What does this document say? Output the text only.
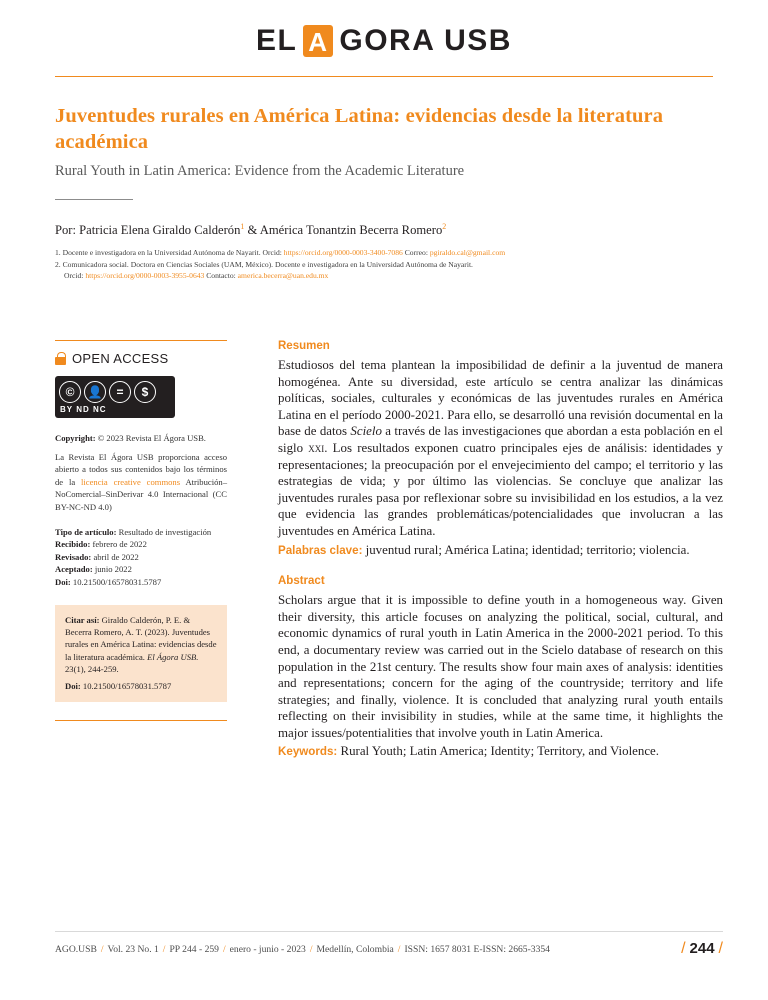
EL A GORA USB
Juventudes rurales en América Latina: evidencias desde la literatura académica
Rural Youth in Latin America: Evidence from the Academic Literature
Por: Patricia Elena Giraldo Calderón$^1$ & América Tonantzin Becerra Romero$^2$
1. Docente e investigadora en la Universidad Autónoma de Nayarit. Orcid: https://orcid.org/0000-0003-3400-7086 Correo: pgiraldo.cal@gmail.com
2. Comunicadora social. Doctora en Ciencias Sociales (UAM, México). Docente e investigadora en la Universidad Autónoma de Nayarit.
Orcid: https://orcid.org/0000-0003-3955-0643 Contacto: america.becerra@uan.edu.mx
OPEN ACCESS
©	👤	=	$
BY ND NC
Copyright: © 2023 Revista El Ágora USB.
La Revista El Ágora USB proporciona acceso abierto a todos sus contenidos bajo los términos de la licencia creative commons Atribución–NoComercial–SinDerivar 4.0 Internacional (CC BY-NC-ND 4.0)
Tipo de artículo: Resultado de investigación
Recibido: febrero de 2022
Revisado: abril de 2022
Aceptado: junio 2022
Doi: 10.21500/16578031.5787
Citar así: Giraldo Calderón, P. E. & Becerra Romero, A. T. (2023). Juventudes rurales en América Latina: evidencias desde la literatura académica. El Ágora USB. 23(1), 244-259.
Doi: 10.21500/16578031.5787
Resumen
Estudiosos del tema plantean la imposibilidad de definir a la juventud de manera homogénea. Ante su diversidad, este artículo se centra analizar las dinámicas políticas, sociales, culturales y económicas de las juventudes rurales en América Latina en el período 2000-2021. Para ello, se desarrolló una revisión documental en la base de datos Scielo a través de las investigaciones que abordan a esta población en el siglo xxi. Los resultados exponen cuatro principales ejes de análisis: identidades y representaciones; la preocupación por el envejecimiento del campo; el territorio y las estrategias de vida; y por último las violencias. Se concluye que analizar las juventudes rurales pasa por reflexionar sobre su invisibilidad en los estudios, a la vez que evidencia las grandes problemáticas/potencialidades que involucran a las juventudes en América Latina.
Palabras clave: juventud rural; América Latina; identidad; territorio; violencia.
Abstract
Scholars argue that it is impossible to define youth in a homogeneous way. Given their diversity, this article focuses on analyzing the political, social, cultural, and economic dynamics of rural youth in Latin America in the 2000-2021 period. To this end, a documentary review was carried out in the Scielo database of research on this population in the 21st century. The results show four main axes of analysis: identities and representations; concern for the aging of the countryside; territory and life strategies; and finally, violence. It is concluded that analyzing rural youth entails reflecting on their invisibility in studies, while at the same time, it highlights the major issues/potentialities that involve youth in Latin America.
Keywords: Rural Youth; Latin America; Identity; Territory, and Violence.
AGO.USB / Vol. 23 No. 1 / PP 244 - 259 / enero - junio - 2023 / Medellín, Colombia / ISSN: 1657 8031 E-ISSN: 2665-3354	/ 244 /
